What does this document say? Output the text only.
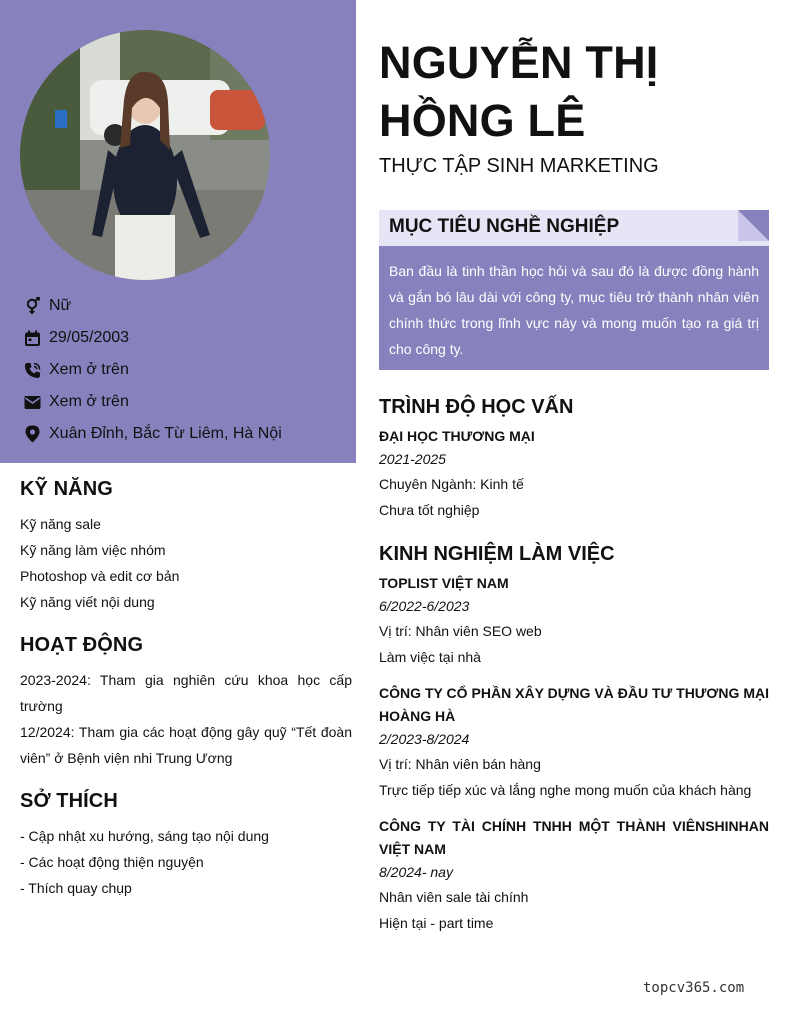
Nữ
29/05/2003
Xem ở trên
Xem ở trên
Xuân Đỉnh, Bắc Từ Liêm, Hà Nội
KỸ NĂNG
Kỹ năng sale
Kỹ năng làm việc nhóm
Photoshop và edit cơ bản
Kỹ năng viết nội dung
HOẠT ĐỘNG
2023-2024: Tham gia nghiên cứu khoa học cấp trường
12/2024: Tham gia các hoạt động gây quỹ “Tết đoàn viên” ở Bệnh viện nhi Trung Ương
SỞ THÍCH
- Cập nhật xu hướng, sáng tạo nội dung
- Các hoạt động thiện nguyện
- Thích quay chụp
NGUYỄN THỊ
HỒNG LÊ
THỰC TẬP SINH MARKETING
MỤC TIÊU NGHỀ NGHIỆP

Ban đầu là tinh thần học hỏi và sau đó là được đồng hành và gắn bó lâu dài với công ty, mục tiêu trở thành nhân viên chính thức trong lĩnh vực này và mong muốn tạo ra giá trị cho công ty.

TRÌNH ĐỘ HỌC VẤN
ĐẠI HỌC THƯƠNG MẠI
2021-2025
Chuyên Ngành: Kinh tế
Chưa tốt nghiệp
KINH NGHIỆM LÀM VIỆC
TOPLIST VIỆT NAM
6/2022-6/2023
Vị trí: Nhân viên SEO web
Làm việc tại nhà
CÔNG TY CỔ PHẦN XÂY DỰNG VÀ ĐẦU TƯ THƯƠNG MẠI HOÀNG HÀ
2/2023-8/2024
Vị trí: Nhân viên bán hàng
Trực tiếp tiếp xúc và lắng nghe mong muốn của khách hàng
CÔNG TY TÀI CHÍNH TNHH MỘT THÀNH VIÊNSHINHAN VIỆT NAM
8/2024- nay
Nhân viên sale tài chính
Hiện tại - part time
topcv365.com
